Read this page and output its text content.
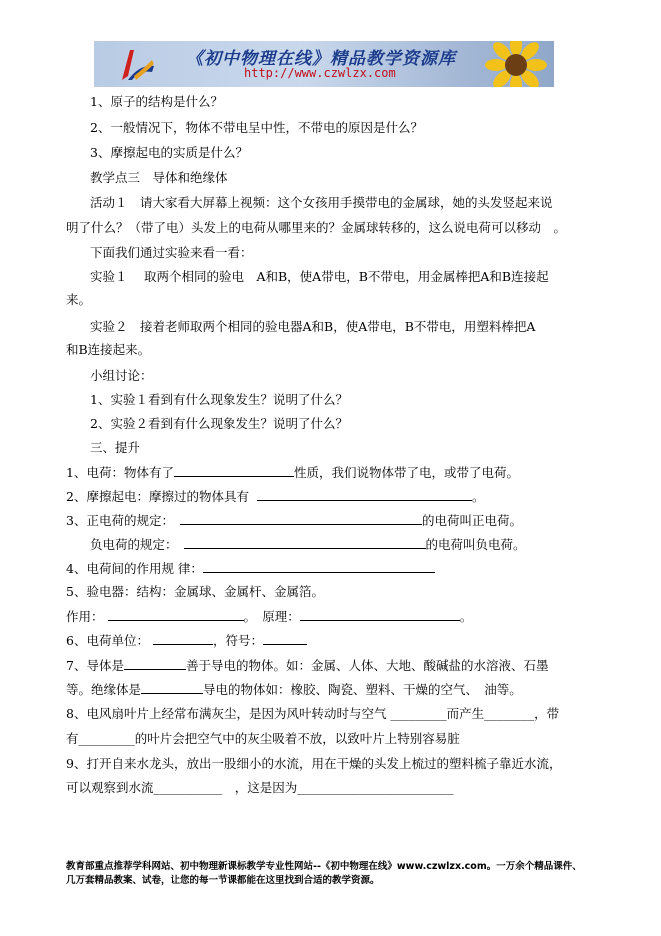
《初中物理在线》精品教学资源库
http://www.czwlzx.com
1、原子的结构是什么？
2、一般情况下，物体不带电呈中性，不带电的原因是什么？
3、摩擦起电的实质是什么？
教学点三　导体和绝缘体
活动１　请大家看大屏幕上视频：这个女孩用手摸带电的金属球，她的头发竖起来说
明了什么？（带了电）头发上的电荷从哪里来的？金属球转移的，这么说电荷可以移动　。
下面我们通过实验来看一看：
实验１　 取两个相同的验电　A和B，使A带电，B不带电，用金属棒把A和B连接起
来。
实验２　接着老师取两个相同的验电器A和B，使A带电，B不带电，用塑料棒把A
和B连接起来。
小组讨论：
1、实验１看到有什么现象发生？说明了什么？
2、实验２看到有什么现象发生？说明了什么？
三、提升
1、电荷：物体有了	性质，我们说物体带了电，或带了电荷。
2、摩擦起电：摩擦过的物体具有	。
3、正电荷的规定：	的电荷叫正电荷。
负电荷的规定：	的电荷叫负电荷。
4、电荷间的作用规 律：
5、验电器：结构：金属球、金属杆、金属箔。
作用：	。　原理：	。
6、电荷单位：	，符号：
7、导体是	善于导电的物体。如：金属、人体、大地、酸碱盐的水溶液、石墨
等。绝缘体是	导电的物体如：橡胶、陶瓷、塑料、干燥的空气、　油等。
8、电风扇叶片上经常布满灰尘，是因为风叶转动时与空气 _________而产生________，带
有_________的叶片会把空气中的灰尘吸着不放，以致叶片上特别容易脏
9、打开自来水龙头，放出一股细小的水流，用在干燥的头发上梳过的塑料梳子靠近水流，
可以观察到水流___________　，这是因为_________________________
教育部重点推荐学科网站、初中物理新课标教学专业性网站--《初中物理在线》www.czwlzx.com。一万余个精品课件、
几万套精品教案、试卷，让您的每一节课都能在这里找到合适的教学资源。
